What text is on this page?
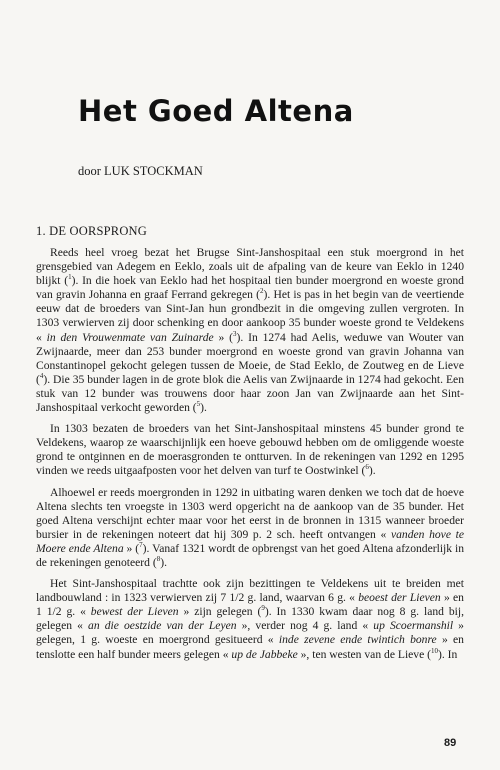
Het Goed Altena
door LUK STOCKMAN
1. DE OORSPRONG

Reeds heel vroeg bezat het Brugse Sint-Janshospitaal een stuk moergrond in het grensgebied van Adegem en Eeklo, zoals uit de afpaling van de keure van Eeklo in 1240 blijkt ($^1$). In die hoek van Eeklo had het hospitaal tien bunder moergrond en woeste grond van gravin Johanna en graaf Ferrand gekregen ($^2$). Het is pas in het begin van de veertiende eeuw dat de broeders van Sint-Jan hun grondbezit in die omgeving zullen vergroten. In 1303 verwierven zij door schenking en door aankoop 35 bunder woeste grond te Veldekens « in den Vrouwenmate van Zuinarde » ($^3$). In 1274 had Aelis, weduwe van Wouter van Zwijnaarde, meer dan 253 bunder moergrond en woeste grond van gravin Johanna van Constantinopel gekocht gelegen tussen de Moeie, de Stad Eeklo, de Zoutweg en de Lieve ($^4$). Die 35 bunder lagen in de grote blok die Aelis van Zwijnaarde in 1274 had gekocht. Een stuk van 12 bunder was trouwens door haar zoon Jan van Zwijnaarde aan het Sint-Janshospitaal verkocht geworden ($^5$).

In 1303 bezaten de broeders van het Sint-Janshospitaal minstens 45 bunder grond te Veldekens, waarop ze waarschijnlijk een hoeve gebouwd hebben om de omliggende woeste grond te ontginnen en de moerasgronden te ontturven. In de rekeningen van 1292 en 1295 vinden we reeds uitgaafposten voor het delven van turf te Oostwinkel ($^6$).

Alhoewel er reeds moergronden in 1292 in uitbating waren denken we toch dat de hoeve Altena slechts ten vroegste in 1303 werd opgericht na de aankoop van de 35 bunder. Het goed Altena verschijnt echter maar voor het eerst in de bronnen in 1315 wanneer broeder bursier in de rekeningen noteert dat hij 309 p. 2 sch. heeft ontvangen « vanden hove te Moere ende Altena » ($^7$). Vanaf 1321 wordt de opbrengst van het goed Altena afzonderlijk in de rekeningen genoteerd ($^8$).

Het Sint-Janshospitaal trachtte ook zijn bezittingen te Veldekens uit te breiden met landbouwland : in 1323 verwierven zij 7 1/2 g. land, waarvan 6 g. « beoest der Lieven » en 1 1/2 g. « bewest der Lieven » zijn gelegen ($^9$). In 1330 kwam daar nog 8 g. land bij, gelegen « an die oestzide van der Leyen », verder nog 4 g. land « up Scoermanshil » gelegen, 1 g. woeste en moergrond gesitueerd « inde zevene ende twintich bonre » en tenslotte een half bunder meers gelegen « up de Jabbeke », ten westen van de Lieve ($^{10}$). In

89
